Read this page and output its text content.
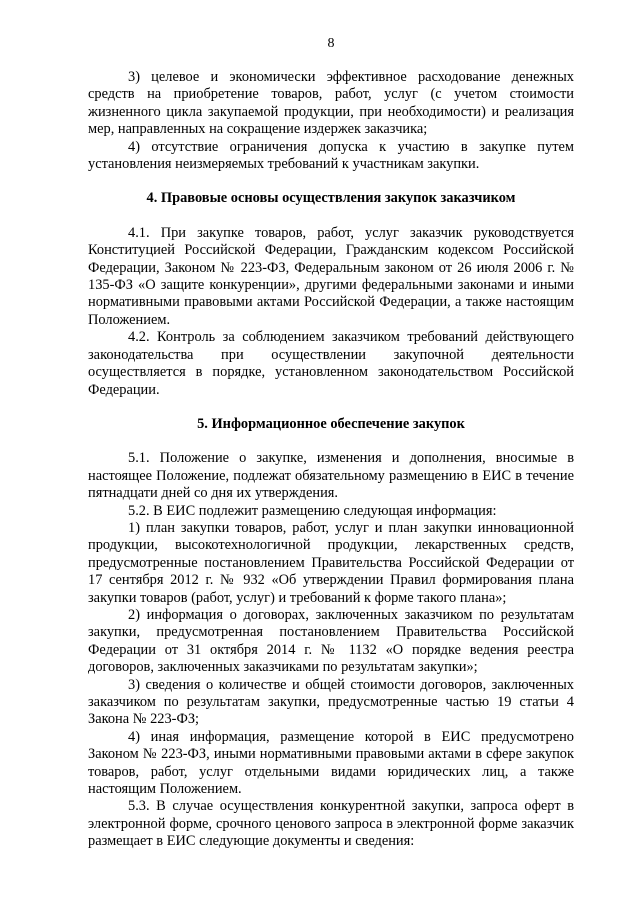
8

3) целевое и экономически эффективное расходование денежных средств на приобретение товаров, работ, услуг (с учетом стоимости жизненного цикла закупаемой продукции, при необходимости) и реализация мер, направленных на сокращение издержек заказчика;

4) отсутствие ограничения допуска к участию в закупке путем установления неизмеряемых требований к участникам закупки.

4. Правовые основы осуществления закупок заказчиком

4.1. При закупке товаров, работ, услуг заказчик руководствуется Конституцией Российской Федерации, Гражданским кодексом Российской Федерации, Законом № 223-ФЗ, Федеральным законом от 26 июля 2006 г. № 135-ФЗ «О защите конкуренции», другими федеральными законами и иными нормативными правовыми актами Российской Федерации, а также настоящим Положением.

4.2. Контроль за соблюдением заказчиком требований действующего законодательства при осуществлении закупочной деятельности осуществляется в порядке, установленном законодательством Российской Федерации.

5. Информационное обеспечение закупок

5.1. Положение о закупке, изменения и дополнения, вносимые в настоящее Положение, подлежат обязательному размещению в ЕИС в течение пятнадцати дней со дня их утверждения.

5.2. В ЕИС подлежит размещению следующая информация:

1) план закупки товаров, работ, услуг и план закупки инновационной продукции, высокотехнологичной продукции, лекарственных средств, предусмотренные постановлением Правительства Российской Федерации от 17 сентября 2012 г. № 932 «Об утверждении Правил формирования плана закупки товаров (работ, услуг) и требований к форме такого плана»;

2) информация о договорах, заключенных заказчиком по результатам закупки, предусмотренная постановлением Правительства Российской Федерации от 31 октября 2014 г. № 1132 «О порядке ведения реестра договоров, заключенных заказчиками по результатам закупки»;

3) сведения о количестве и общей стоимости договоров, заключенных заказчиком по результатам закупки, предусмотренные частью 19 статьи 4 Закона № 223-ФЗ;

4) иная информация, размещение которой в ЕИС предусмотрено Законом № 223-ФЗ, иными нормативными правовыми актами в сфере закупок товаров, работ, услуг отдельными видами юридических лиц, а также настоящим Положением.

5.3. В случае осуществления конкурентной закупки, запроса оферт в электронной форме, срочного ценового запроса в электронной форме заказчик размещает в ЕИС следующие документы и сведения:
